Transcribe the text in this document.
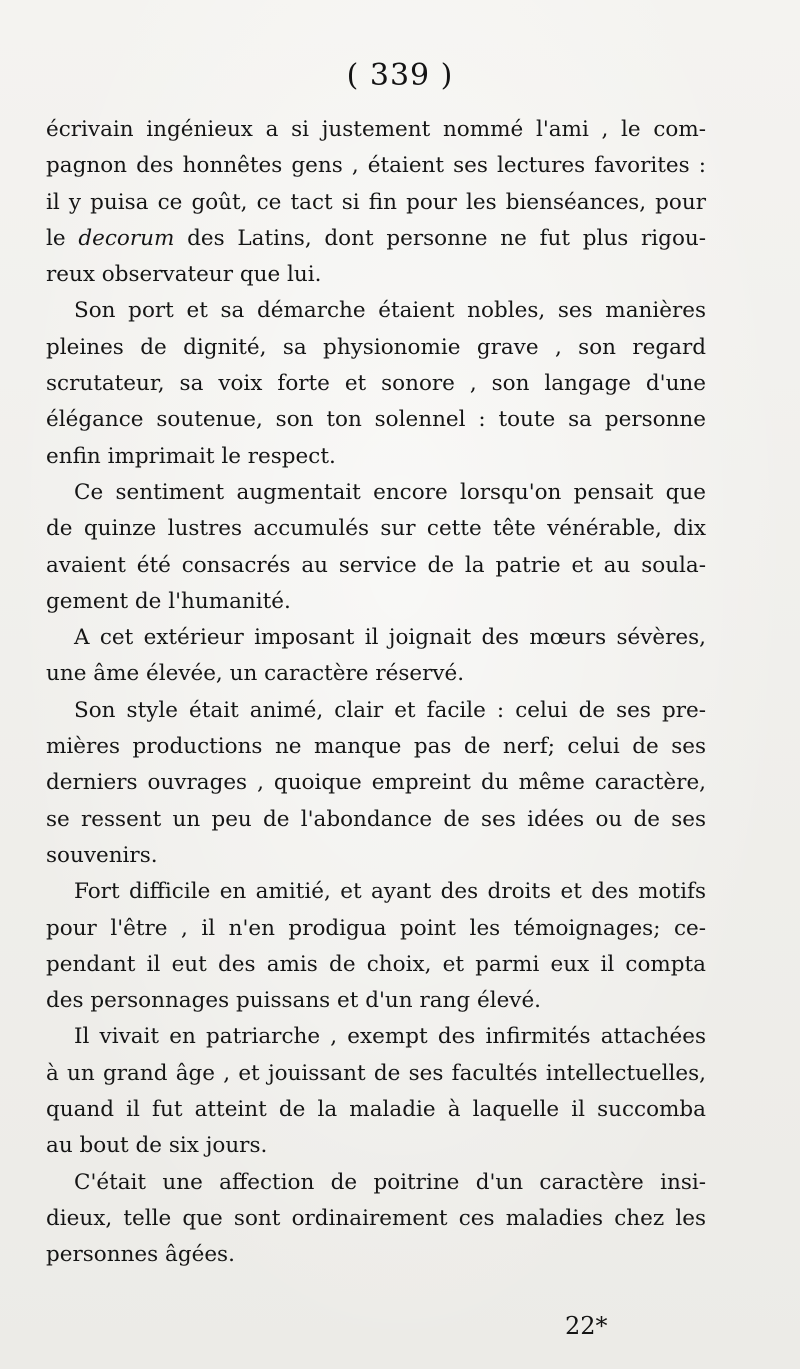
( 339 )
écrivain ingénieux a si justement nommé l'ami , le com-
pagnon des honnêtes gens , étaient ses lectures favorites :
il y puisa ce goût, ce tact si fin pour les bienséances, pour
le decorum des Latins, dont personne ne fut plus rigou-
reux observateur que lui.
Son port et sa démarche étaient nobles, ses manières
pleines de dignité, sa physionomie grave , son regard
scrutateur, sa voix forte et sonore , son langage d'une
élégance soutenue, son ton solennel : toute sa personne
enfin imprimait le respect.
Ce sentiment augmentait encore lorsqu'on pensait que
de quinze lustres accumulés sur cette tête vénérable, dix
avaient été consacrés au service de la patrie et au soula-
gement de l'humanité.
A cet extérieur imposant il joignait des mœurs sévères,
une âme élevée, un caractère réservé.
Son style était animé, clair et facile : celui de ses pre-
mières productions ne manque pas de nerf; celui de ses
derniers ouvrages , quoique empreint du même caractère,
se ressent un peu de l'abondance de ses idées ou de ses
souvenirs.
Fort difficile en amitié, et ayant des droits et des motifs
pour l'être , il n'en prodigua point les témoignages; ce-
pendant il eut des amis de choix, et parmi eux il compta
des personnages puissans et d'un rang élevé.
Il vivait en patriarche , exempt des infirmités attachées
à un grand âge , et jouissant de ses facultés intellectuelles,
quand il fut atteint de la maladie à laquelle il succomba
au bout de six jours.
C'était une affection de poitrine d'un caractère insi-
dieux, telle que sont ordinairement ces maladies chez les
personnes âgées.
22*
